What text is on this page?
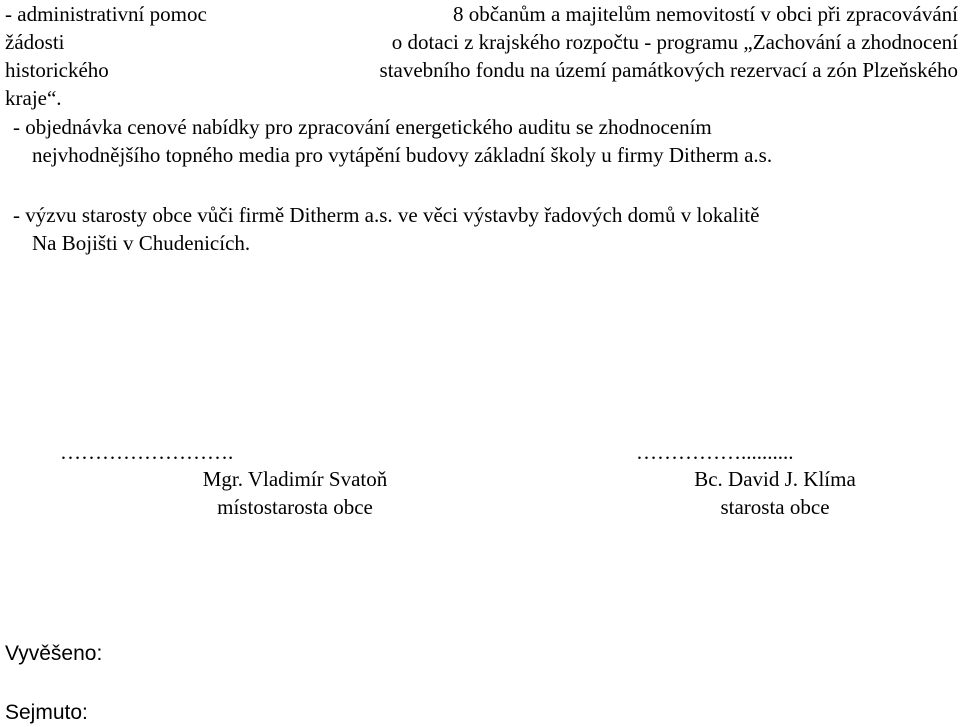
- administrativní pomoc	8 občanům a majitelům nemovitostí v obci při zpracovávání
žádosti	o dotaci z krajského rozpočtu - programu „Zachování a zhodnocení
historického	stavebního fondu na území památkových rezervací a zón Plzeňského
kraje“.
- objednávka cenové nabídky pro zpracování energetického auditu se zhodnocením
nejvhodnějšího topného media pro vytápění budovy základní školy u firmy Ditherm a.s.
- výzvu starosty obce vůči firmě Ditherm a.s. ve věci výstavby řadových domů v lokalitě
Na Bojišti v Chudenicích.
…………………….
Mgr. Vladimír Svatoň
místostarosta obce
……………..........
Bc. David J. Klíma
starosta obce
Vyvěšeno:
Sejmuto:
